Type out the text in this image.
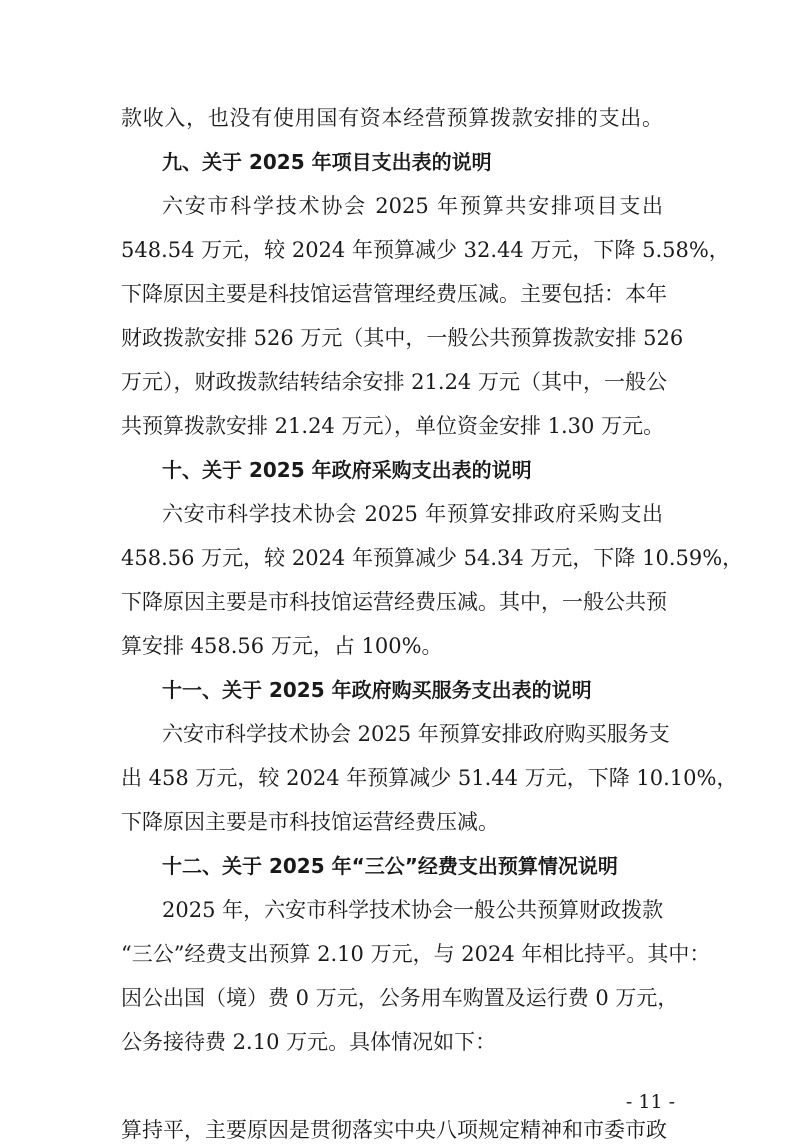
款收入，也没有使用国有资本经营预算拨款安排的支出。
九、关于 2025 年项目支出表的说明
六安市科学技术协会 2025 年预算共安排项目支出
548.54 万元，较 2024 年预算减少 32.44 万元，下降 5.58%，
下降原因主要是科技馆运营管理经费压减。主要包括：本年
财政拨款安排 526 万元（其中，一般公共预算拨款安排 526
万元），财政拨款结转结余安排 21.24 万元（其中，一般公
共预算拨款安排 21.24 万元），单位资金安排 1.30 万元。
十、关于 2025 年政府采购支出表的说明
六安市科学技术协会 2025 年预算安排政府采购支出
458.56 万元，较 2024 年预算减少 54.34 万元，下降 10.59%，
下降原因主要是市科技馆运营经费压减。其中，一般公共预
算安排 458.56 万元，占 100%。
十一、关于 2025 年政府购买服务支出表的说明
六安市科学技术协会 2025 年预算安排政府购买服务支
出 458 万元，较 2024 年预算减少 51.44 万元，下降 10.10%，
下降原因主要是市科技馆运营经费压减。
十二、关于 2025 年“三公”经费支出预算情况说明
2025 年，六安市科学技术协会一般公共预算财政拨款
“三公”经费支出预算 2.10 万元，与 2024 年相比持平。其中：
因公出国（境）费 0 万元，公务用车购置及运行费 0 万元，
公务接待费 2.10 万元。具体情况如下：
- 11 -
算持平，主要原因是贯彻落实中央八项规定精神和市委市政
